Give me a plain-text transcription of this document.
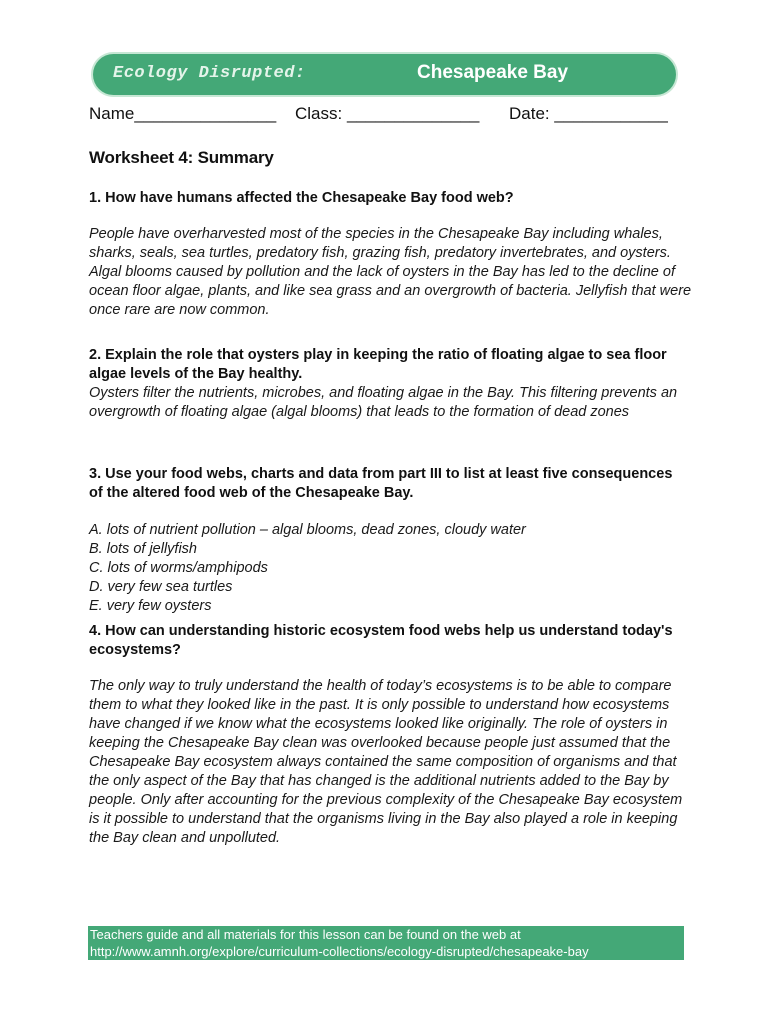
Ecology Disrupted:	Chesapeake Bay
Name_______________ Class: ______________ Date: ____________
Worksheet 4: Summary
1. How have humans affected the Chesapeake Bay food web?

People have overharvested most of the species in the Chesapeake Bay including whales, sharks, seals, sea turtles, predatory fish, grazing fish, predatory invertebrates, and oysters. Algal blooms caused by pollution and the lack of oysters in the Bay has led to the decline of ocean floor algae, plants, and like sea grass and an overgrowth of bacteria. Jellyfish that were once rare are now common.

2. Explain the role that oysters play in keeping the ratio of floating algae to sea floor algae levels of the Bay healthy.

Oysters filter the nutrients, microbes, and floating algae in the Bay. This filtering prevents an overgrowth of floating algae (algal blooms) that leads to the formation of dead zones

3. Use your food webs, charts and data from part III to list at least five consequences of the altered food web of the Chesapeake Bay.

A. lots of nutrient pollution – algal blooms, dead zones, cloudy water

B. lots of jellyfish

C. lots of worms/amphipods

D. very few sea turtles

E. very few oysters

4. How can understanding historic ecosystem food webs help us understand today's ecosystems?

The only way to truly understand the health of today’s ecosystems is to be able to compare them to what they looked like in the past. It is only possible to understand how ecosystems have changed if we know what the ecosystems looked like originally. The role of oysters in keeping the Chesapeake Bay clean was overlooked because people just assumed that the Chesapeake Bay ecosystem always contained the same composition of organisms and that the only aspect of the Bay that has changed is the additional nutrients added to the Bay by people. Only after accounting for the previous complexity of the Chesapeake Bay ecosystem is it possible to understand that the organisms living in the Bay also played a role in keeping the Bay clean and unpolluted.

Teachers guide and all materials for this lesson can be found on the web at
http://www.amnh.org/explore/curriculum-collections/ecology-disrupted/chesapeake-bay
